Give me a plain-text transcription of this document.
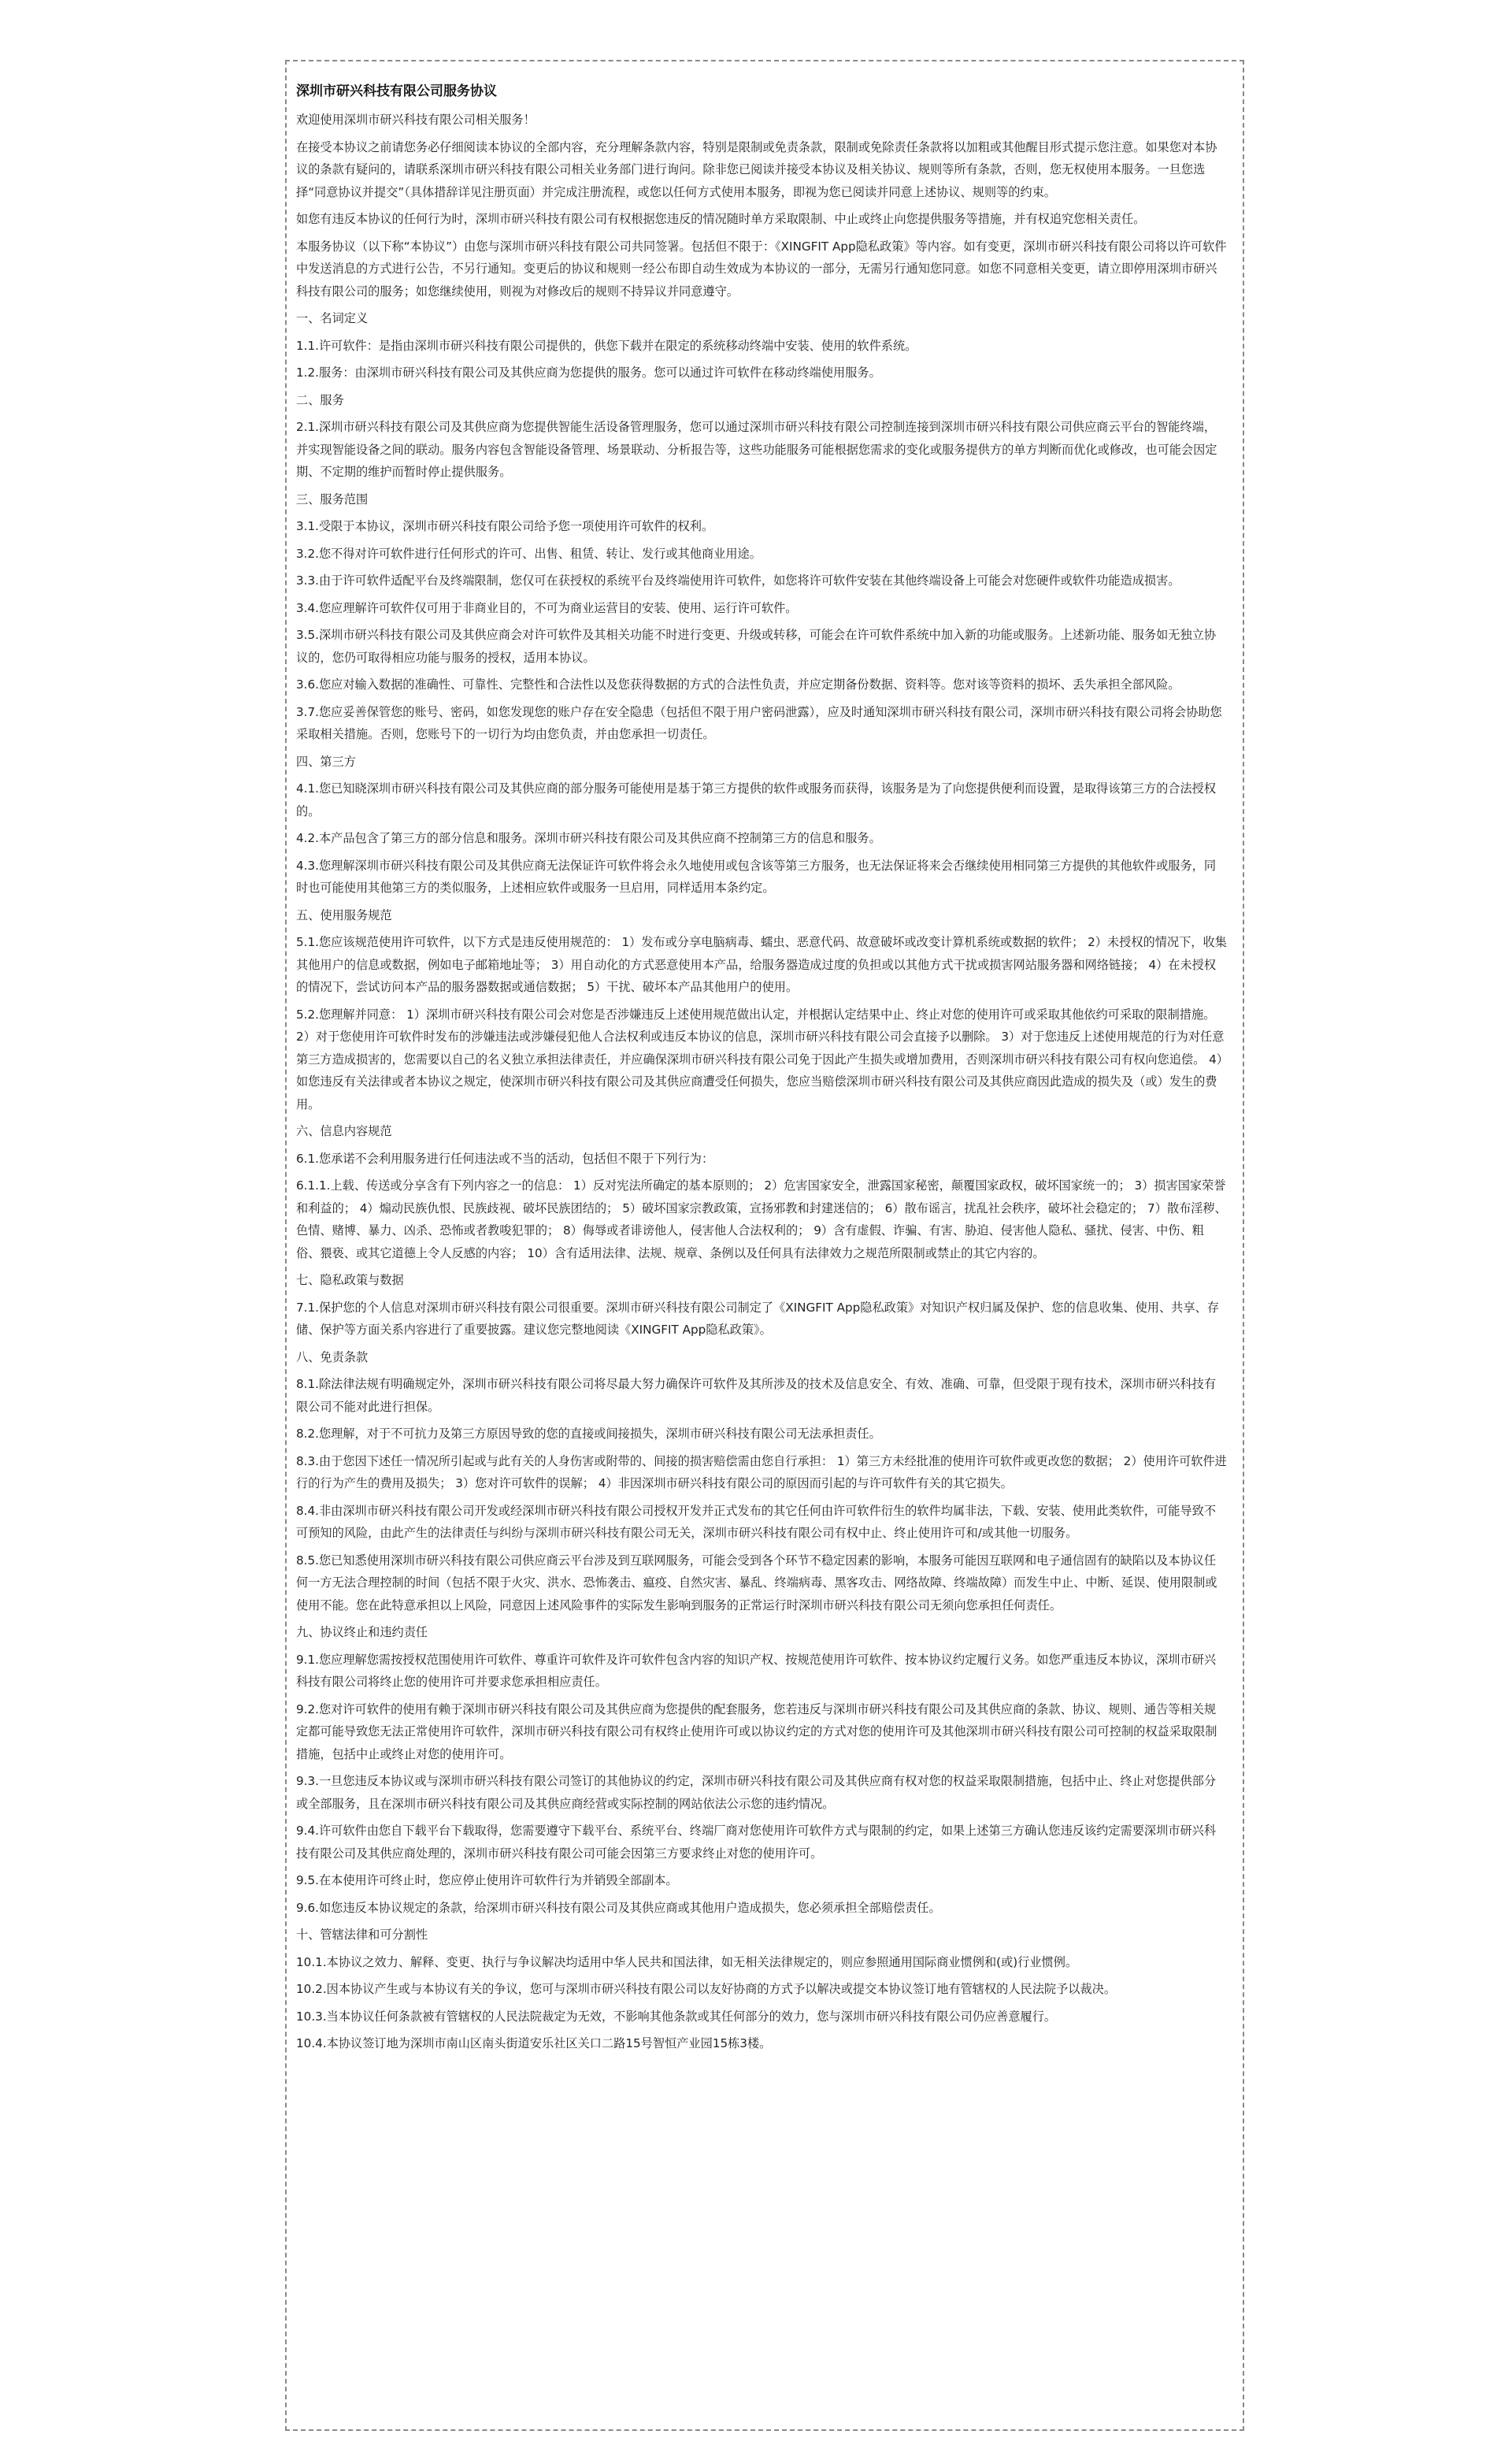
深圳市研兴科技有限公司服务协议

欢迎使用深圳市研兴科技有限公司相关服务！

在接受本协议之前请您务必仔细阅读本协议的全部内容，充分理解条款内容，特别是限制或免责条款，限制或免除责任条款将以加粗或其他醒目形式提示您注意。如果您对本协议的条款有疑问的，请联系深圳市研兴科技有限公司相关业务部门进行询问。除非您已阅读并接受本协议及相关协议、规则等所有条款，否则，您无权使用本服务。一旦您选择“同意协议并提交”（具体措辞详见注册页面）并完成注册流程，或您以任何方式使用本服务，即视为您已阅读并同意上述协议、规则等的约束。

如您有违反本协议的任何行为时，深圳市研兴科技有限公司有权根据您违反的情况随时单方采取限制、中止或终止向您提供服务等措施，并有权追究您相关责任。

本服务协议（以下称“本协议”）由您与深圳市研兴科技有限公司共同签署。包括但不限于：《XINGFIT App隐私政策》等内容。如有变更，深圳市研兴科技有限公司将以许可软件中发送消息的方式进行公告，不另行通知。变更后的协议和规则一经公布即自动生效成为本协议的一部分，无需另行通知您同意。如您不同意相关变更，请立即停用深圳市研兴科技有限公司的服务；如您继续使用，则视为对修改后的规则不持异议并同意遵守。

一、名词定义

1.1.许可软件：是指由深圳市研兴科技有限公司提供的，供您下载并在限定的系统移动终端中安装、使用的软件系统。

1.2.服务：由深圳市研兴科技有限公司及其供应商为您提供的服务。您可以通过许可软件在移动终端使用服务。

二、服务

2.1.深圳市研兴科技有限公司及其供应商为您提供智能生活设备管理服务，您可以通过深圳市研兴科技有限公司控制连接到深圳市研兴科技有限公司供应商云平台的智能终端，并实现智能设备之间的联动。服务内容包含智能设备管理、场景联动、分析报告等，这些功能服务可能根据您需求的变化或服务提供方的单方判断而优化或修改，也可能会因定期、不定期的维护而暂时停止提供服务。

三、服务范围

3.1.受限于本协议，深圳市研兴科技有限公司给予您一项使用许可软件的权利。

3.2.您不得对许可软件进行任何形式的许可、出售、租赁、转让、发行或其他商业用途。

3.3.由于许可软件适配平台及终端限制，您仅可在获授权的系统平台及终端使用许可软件，如您将许可软件安装在其他终端设备上可能会对您硬件或软件功能造成损害。

3.4.您应理解许可软件仅可用于非商业目的，不可为商业运营目的安装、使用、运行许可软件。

3.5.深圳市研兴科技有限公司及其供应商会对许可软件及其相关功能不时进行变更、升级或转移，可能会在许可软件系统中加入新的功能或服务。上述新功能、服务如无独立协议的，您仍可取得相应功能与服务的授权，适用本协议。

3.6.您应对输入数据的准确性、可靠性、完整性和合法性以及您获得数据的方式的合法性负责，并应定期备份数据、资料等。您对该等资料的损坏、丢失承担全部风险。

3.7.您应妥善保管您的账号、密码，如您发现您的账户存在安全隐患（包括但不限于用户密码泄露），应及时通知深圳市研兴科技有限公司，深圳市研兴科技有限公司将会协助您采取相关措施。否则，您账号下的一切行为均由您负责，并由您承担一切责任。

四、第三方

4.1.您已知晓深圳市研兴科技有限公司及其供应商的部分服务可能使用是基于第三方提供的软件或服务而获得，该服务是为了向您提供便利而设置，是取得该第三方的合法授权的。

4.2.本产品包含了第三方的部分信息和服务。深圳市研兴科技有限公司及其供应商不控制第三方的信息和服务。

4.3.您理解深圳市研兴科技有限公司及其供应商无法保证许可软件将会永久地使用或包含该等第三方服务，也无法保证将来会否继续使用相同第三方提供的其他软件或服务，同时也可能使用其他第三方的类似服务，上述相应软件或服务一旦启用，同样适用本条约定。

五、使用服务规范

5.1.您应该规范使用许可软件，以下方式是违反使用规范的： 1）发布或分享电脑病毒、蠕虫、恶意代码、故意破坏或改变计算机系统或数据的软件； 2）未授权的情况下，收集其他用户的信息或数据，例如电子邮箱地址等； 3）用自动化的方式恶意使用本产品，给服务器造成过度的负担或以其他方式干扰或损害网站服务器和网络链接； 4）在未授权的情况下，尝试访问本产品的服务器数据或通信数据； 5）干扰、破坏本产品其他用户的使用。

5.2.您理解并同意： 1）深圳市研兴科技有限公司会对您是否涉嫌违反上述使用规范做出认定，并根据认定结果中止、终止对您的使用许可或采取其他依约可采取的限制措施。 2）对于您使用许可软件时发布的涉嫌违法或涉嫌侵犯他人合法权利或违反本协议的信息，深圳市研兴科技有限公司会直接予以删除。 3）对于您违反上述使用规范的行为对任意第三方造成损害的，您需要以自己的名义独立承担法律责任，并应确保深圳市研兴科技有限公司免于因此产生损失或增加费用，否则深圳市研兴科技有限公司有权向您追偿。 4）如您违反有关法律或者本协议之规定，使深圳市研兴科技有限公司及其供应商遭受任何损失，您应当赔偿深圳市研兴科技有限公司及其供应商因此造成的损失及（或）发生的费用。

六、信息内容规范

6.1.您承诺不会利用服务进行任何违法或不当的活动，包括但不限于下列行为：

6.1.1.上载、传送或分享含有下列内容之一的信息： 1）反对宪法所确定的基本原则的； 2）危害国家安全，泄露国家秘密，颠覆国家政权，破坏国家统一的； 3）损害国家荣誉和利益的； 4）煽动民族仇恨、民族歧视、破坏民族团结的； 5）破坏国家宗教政策，宣扬邪教和封建迷信的； 6）散布谣言，扰乱社会秩序，破坏社会稳定的； 7）散布淫秽、色情、赌博、暴力、凶杀、恐怖或者教唆犯罪的； 8）侮辱或者诽谤他人，侵害他人合法权利的； 9）含有虚假、诈骗、有害、胁迫、侵害他人隐私、骚扰、侵害、中伤、粗俗、猥亵、或其它道德上令人反感的内容； 10）含有适用法律、法规、规章、条例以及任何具有法律效力之规范所限制或禁止的其它内容的。

七、隐私政策与数据

7.1.保护您的个人信息对深圳市研兴科技有限公司很重要。深圳市研兴科技有限公司制定了《XINGFIT App隐私政策》对知识产权归属及保护、您的信息收集、使用、共享、存储、保护等方面关系内容进行了重要披露。建议您完整地阅读《XINGFIT App隐私政策》。

八、免责条款

8.1.除法律法规有明确规定外，深圳市研兴科技有限公司将尽最大努力确保许可软件及其所涉及的技术及信息安全、有效、准确、可靠，但受限于现有技术，深圳市研兴科技有限公司不能对此进行担保。

8.2.您理解，对于不可抗力及第三方原因导致的您的直接或间接损失，深圳市研兴科技有限公司无法承担责任。

8.3.由于您因下述任一情况所引起或与此有关的人身伤害或附带的、间接的损害赔偿需由您自行承担： 1）第三方未经批准的使用许可软件或更改您的数据； 2）使用许可软件进行的行为产生的费用及损失； 3）您对许可软件的误解； 4）非因深圳市研兴科技有限公司的原因而引起的与许可软件有关的其它损失。

8.4.非由深圳市研兴科技有限公司开发或经深圳市研兴科技有限公司授权开发并正式发布的其它任何由许可软件衍生的软件均属非法，下载、安装、使用此类软件，可能导致不可预知的风险，由此产生的法律责任与纠纷与深圳市研兴科技有限公司无关，深圳市研兴科技有限公司有权中止、终止使用许可和/或其他一切服务。

8.5.您已知悉使用深圳市研兴科技有限公司供应商云平台涉及到互联网服务，可能会受到各个环节不稳定因素的影响，本服务可能因互联网和电子通信固有的缺陷以及本协议任何一方无法合理控制的时间（包括不限于火灾、洪水、恐怖袭击、瘟疫、自然灾害、暴乱、终端病毒、黑客攻击、网络故障、终端故障）而发生中止、中断、延误、使用限制或使用不能。您在此特意承担以上风险，同意因上述风险事件的实际发生影响到服务的正常运行时深圳市研兴科技有限公司无须向您承担任何责任。

九、协议终止和违约责任

9.1.您应理解您需按授权范围使用许可软件、尊重许可软件及许可软件包含内容的知识产权、按规范使用许可软件、按本协议约定履行义务。如您严重违反本协议，深圳市研兴科技有限公司将终止您的使用许可并要求您承担相应责任。

9.2.您对许可软件的使用有赖于深圳市研兴科技有限公司及其供应商为您提供的配套服务，您若违反与深圳市研兴科技有限公司及其供应商的条款、协议、规则、通告等相关规定都可能导致您无法正常使用许可软件，深圳市研兴科技有限公司有权终止使用许可或以协议约定的方式对您的使用许可及其他深圳市研兴科技有限公司可控制的权益采取限制措施，包括中止或终止对您的使用许可。

9.3.一旦您违反本协议或与深圳市研兴科技有限公司签订的其他协议的约定，深圳市研兴科技有限公司及其供应商有权对您的权益采取限制措施，包括中止、终止对您提供部分或全部服务，且在深圳市研兴科技有限公司及其供应商经营或实际控制的网站依法公示您的违约情况。

9.4.许可软件由您自下载平台下载取得，您需要遵守下载平台、系统平台、终端厂商对您使用许可软件方式与限制的约定，如果上述第三方确认您违反该约定需要深圳市研兴科技有限公司及其供应商处理的，深圳市研兴科技有限公司可能会因第三方要求终止对您的使用许可。

9.5.在本使用许可终止时，您应停止使用许可软件行为并销毁全部副本。

9.6.如您违反本协议规定的条款，给深圳市研兴科技有限公司及其供应商或其他用户造成损失，您必须承担全部赔偿责任。

十、管辖法律和可分割性

10.1.本协议之效力、解释、变更、执行与争议解决均适用中华人民共和国法律，如无相关法律规定的，则应参照通用国际商业惯例和(或)行业惯例。

10.2.因本协议产生或与本协议有关的争议，您可与深圳市研兴科技有限公司以友好协商的方式予以解决或提交本协议签订地有管辖权的人民法院予以裁决。

10.3.当本协议任何条款被有管辖权的人民法院裁定为无效，不影响其他条款或其任何部分的效力，您与深圳市研兴科技有限公司仍应善意履行。

10.4.本协议签订地为深圳市南山区南头街道安乐社区关口二路15号智恒产业园15栋3楼。
